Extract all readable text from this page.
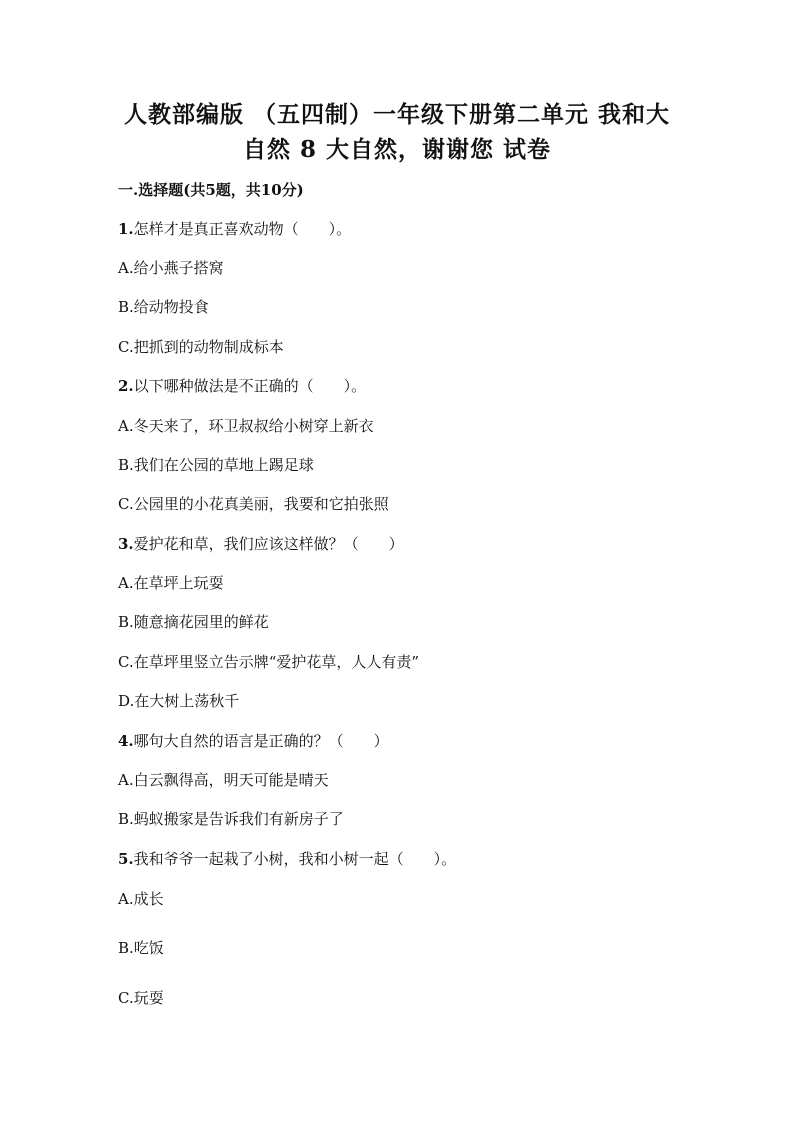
人教部编版 （五四制）一年级下册第二单元 我和大
自然 8 大自然，谢谢您 试卷
一.选择题(共5题，共10分)
1.怎样才是真正喜欢动物（　　）。
A.给小燕子搭窝
B.给动物投食
C.把抓到的动物制成标本
2.以下哪种做法是不正确的（　　）。
A.冬天来了，环卫叔叔给小树穿上新衣
B.我们在公园的草地上踢足球
C.公园里的小花真美丽，我要和它拍张照
3.爱护花和草，我们应该这样做？（　　）
A.在草坪上玩耍
B.随意摘花园里的鲜花
C.在草坪里竖立告示牌“爱护花草，人人有责”
D.在大树上荡秋千
4.哪句大自然的语言是正确的？（　　）
A.白云飘得高，明天可能是晴天
B.蚂蚁搬家是告诉我们有新房子了
5.我和爷爷一起栽了小树，我和小树一起（　　）。
A.成长
B.吃饭
C.玩耍
